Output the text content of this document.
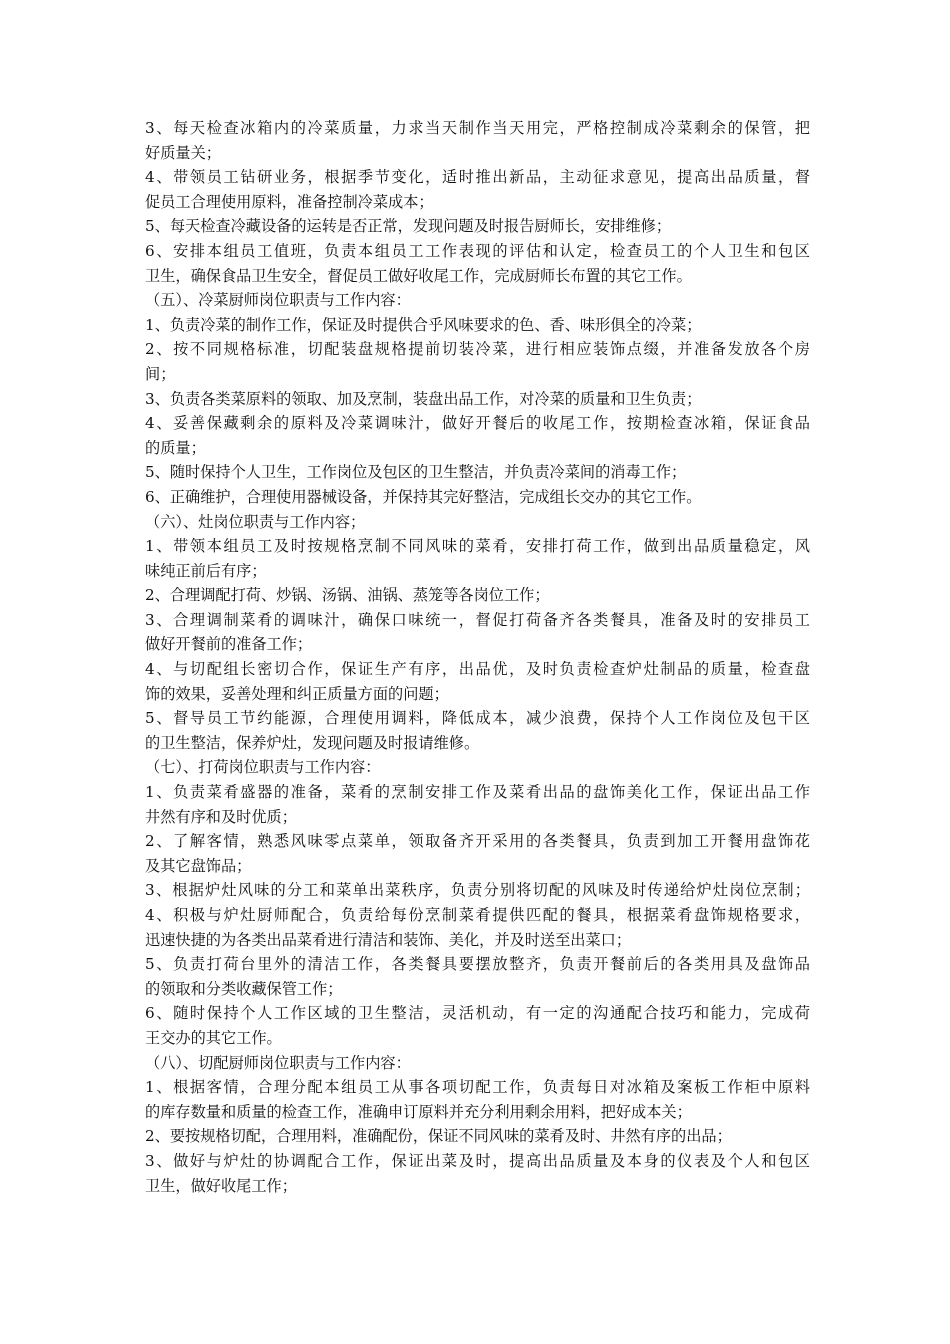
3、每天检查冰箱内的冷菜质量，力求当天制作当天用完，严格控制成冷菜剩余的保管，把
好质量关；
4、带领员工钻研业务，根据季节变化，适时推出新品，主动征求意见，提高出品质量，督
促员工合理使用原料，准备控制冷菜成本；
5、每天检查冷藏设备的运转是否正常，发现问题及时报告厨师长，安排维修；
6、安排本组员工值班，负责本组员工工作表现的评估和认定，检查员工的个人卫生和包区
卫生，确保食品卫生安全，督促员工做好收尾工作，完成厨师长布置的其它工作。
（五）、冷菜厨师岗位职责与工作内容：
1、负责冷菜的制作工作，保证及时提供合乎风味要求的色、香、味形俱全的冷菜；
2、按不同规格标准，切配装盘规格提前切装冷菜，进行相应装饰点缀，并准备发放各个房
间；
3、负责各类菜原料的领取、加及烹制，装盘出品工作，对冷菜的质量和卫生负责；
4、妥善保藏剩余的原料及冷菜调味汁，做好开餐后的收尾工作，按期检查冰箱，保证食品
的质量；
5、随时保持个人卫生，工作岗位及包区的卫生整洁，并负责冷菜间的消毒工作；
6、正确维护，合理使用器械设备，并保持其完好整洁，完成组长交办的其它工作。
（六）、灶岗位职责与工作内容；
1、带领本组员工及时按规格烹制不同风味的菜肴，安排打荷工作，做到出品质量稳定，风
味纯正前后有序；
2、合理调配打荷、炒锅、汤锅、油锅、蒸笼等各岗位工作；
3、合理调制菜肴的调味汁，确保口味统一，督促打荷备齐各类餐具，准备及时的安排员工
做好开餐前的准备工作；
4、与切配组长密切合作，保证生产有序，出品优，及时负责检查炉灶制品的质量，检查盘
饰的效果，妥善处理和纠正质量方面的问题；
5、督导员工节约能源，合理使用调料，降低成本，减少浪费，保持个人工作岗位及包干区
的卫生整洁，保养炉灶，发现问题及时报请维修。
（七）、打荷岗位职责与工作内容：
1、负责菜肴盛器的准备，菜肴的烹制安排工作及菜肴出品的盘饰美化工作，保证出品工作
井然有序和及时优质；
2、了解客情，熟悉风味零点菜单，领取备齐开采用的各类餐具，负责到加工开餐用盘饰花
及其它盘饰品；
3、根据炉灶风味的分工和菜单出菜秩序，负责分别将切配的风味及时传递给炉灶岗位烹制；
4、积极与炉灶厨师配合，负责给每份烹制菜肴提供匹配的餐具，根据菜肴盘饰规格要求，
迅速快捷的为各类出品菜肴进行清洁和装饰、美化，并及时送至出菜口；
5、负责打荷台里外的清洁工作，各类餐具要摆放整齐，负责开餐前后的各类用具及盘饰品
的领取和分类收藏保管工作；
6、随时保持个人工作区域的卫生整洁，灵活机动，有一定的沟通配合技巧和能力，完成荷
王交办的其它工作。
（八）、切配厨师岗位职责与工作内容：
1、根据客情，合理分配本组员工从事各项切配工作，负责每日对冰箱及案板工作柜中原料
的库存数量和质量的检查工作，准确申订原料并充分利用剩余用料，把好成本关；
2、要按规格切配，合理用料，准确配份，保证不同风味的菜肴及时、井然有序的出品；
3、做好与炉灶的协调配合工作，保证出菜及时，提高出品质量及本身的仪表及个人和包区
卫生，做好收尾工作；
